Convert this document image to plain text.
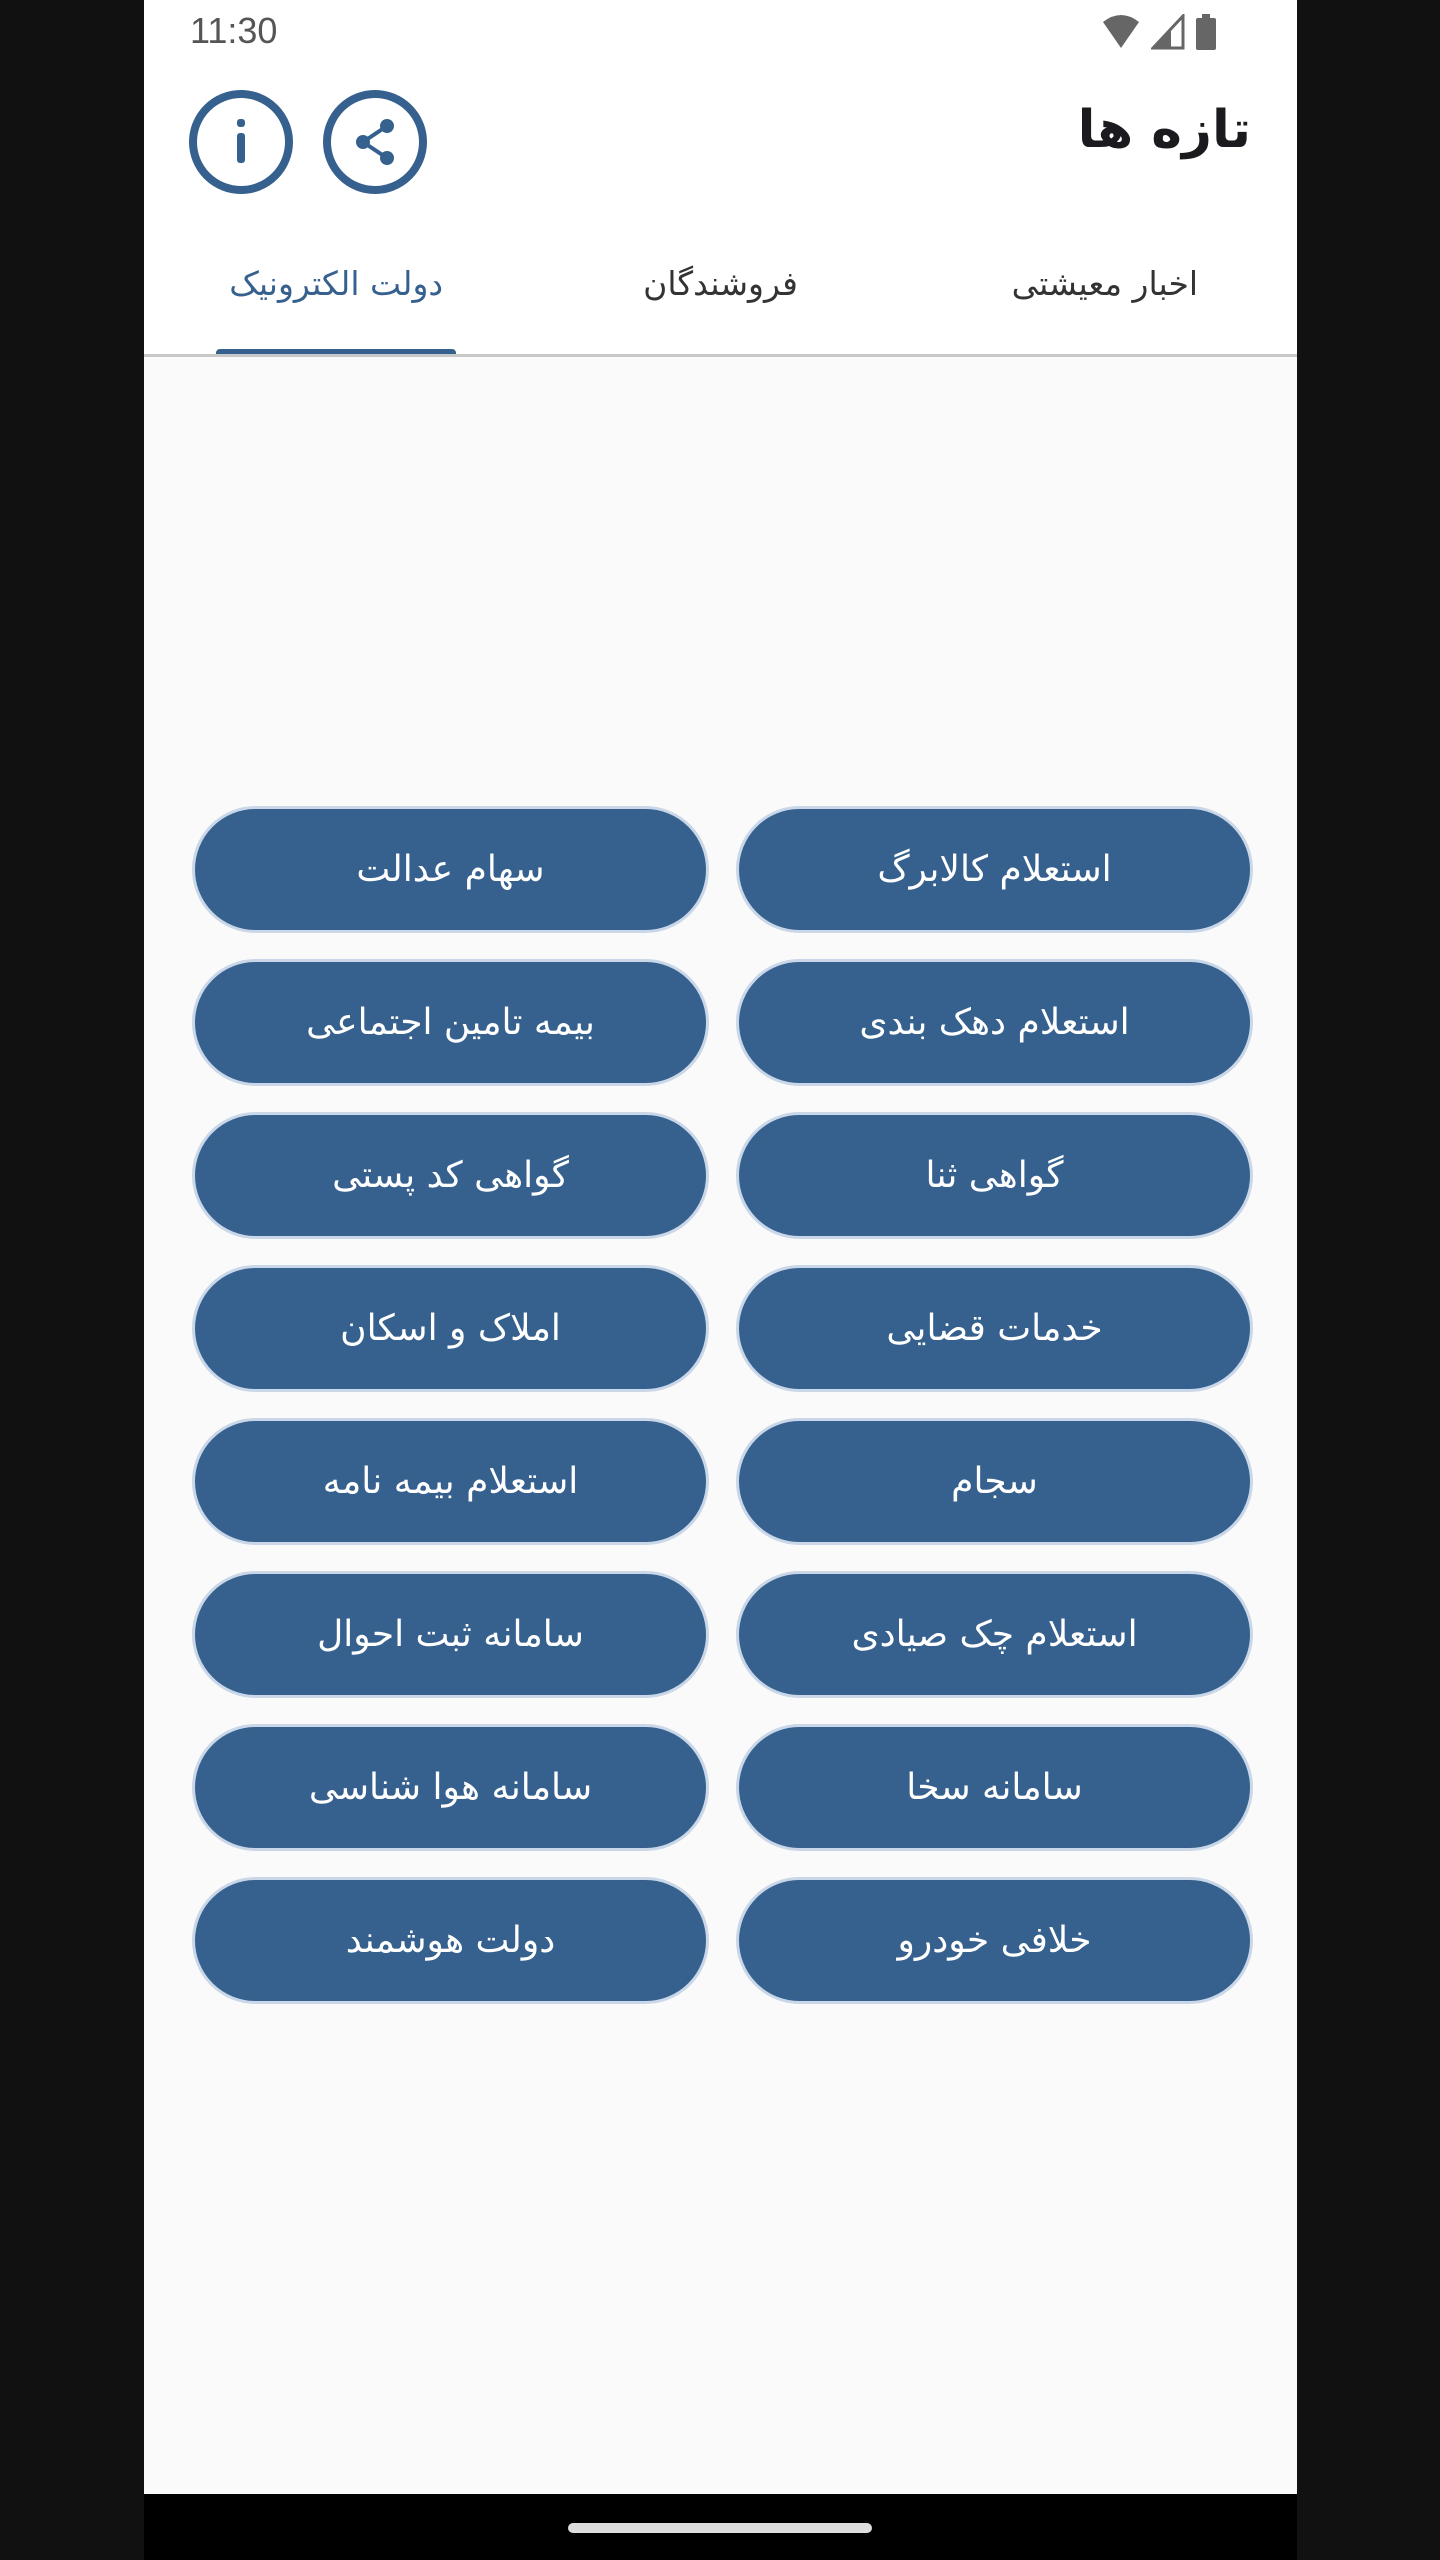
11:30
تازه ها
اخبار معیشتی
فروشندگان
دولت الکترونیک
استعلام کالابرگ
سهام عدالت
استعلام دهک بندی
بیمه تامین اجتماعی
گواهی ثنا
گواهی کد پستی
خدمات قضایی
املاک و اسکان
سجام
استعلام بیمه نامه
استعلام چک صیادی
سامانه ثبت احوال
سامانه سخا
سامانه هوا شناسی
خلافی خودرو
دولت هوشمند
